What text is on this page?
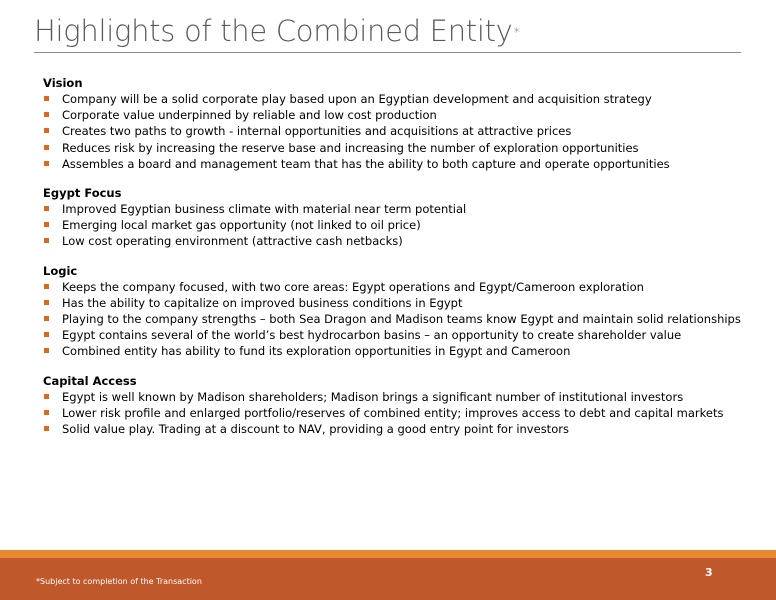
Highlights of the Combined Entity*
Vision
Company will be a solid corporate play based upon an Egyptian development and acquisition strategy
Corporate value underpinned by reliable and low cost production
Creates two paths to growth - internal opportunities and acquisitions at attractive prices
Reduces risk by increasing the reserve base and increasing the number of exploration opportunities
Assembles a board and management team that has the ability to both capture and operate opportunities
Egypt Focus
Improved Egyptian business climate with material near term potential
Emerging local market gas opportunity (not linked to oil price)
Low cost operating environment (attractive cash netbacks)
Logic
Keeps the company focused, with two core areas: Egypt operations and Egypt/Cameroon exploration
Has the ability to capitalize on improved business conditions in Egypt
Playing to the company strengths – both Sea Dragon and Madison teams know Egypt and maintain solid relationships
Egypt contains several of the world’s best hydrocarbon basins – an opportunity to create shareholder value
Combined entity has ability to fund its exploration opportunities in Egypt and Cameroon
Capital Access
Egypt is well known by Madison shareholders; Madison brings a significant number of institutional investors
Lower risk profile and enlarged portfolio/reserves of combined entity; improves access to debt and capital markets
Solid value play. Trading at a discount to NAV, providing a good entry point for investors
*Subject to completion of the Transaction
3
